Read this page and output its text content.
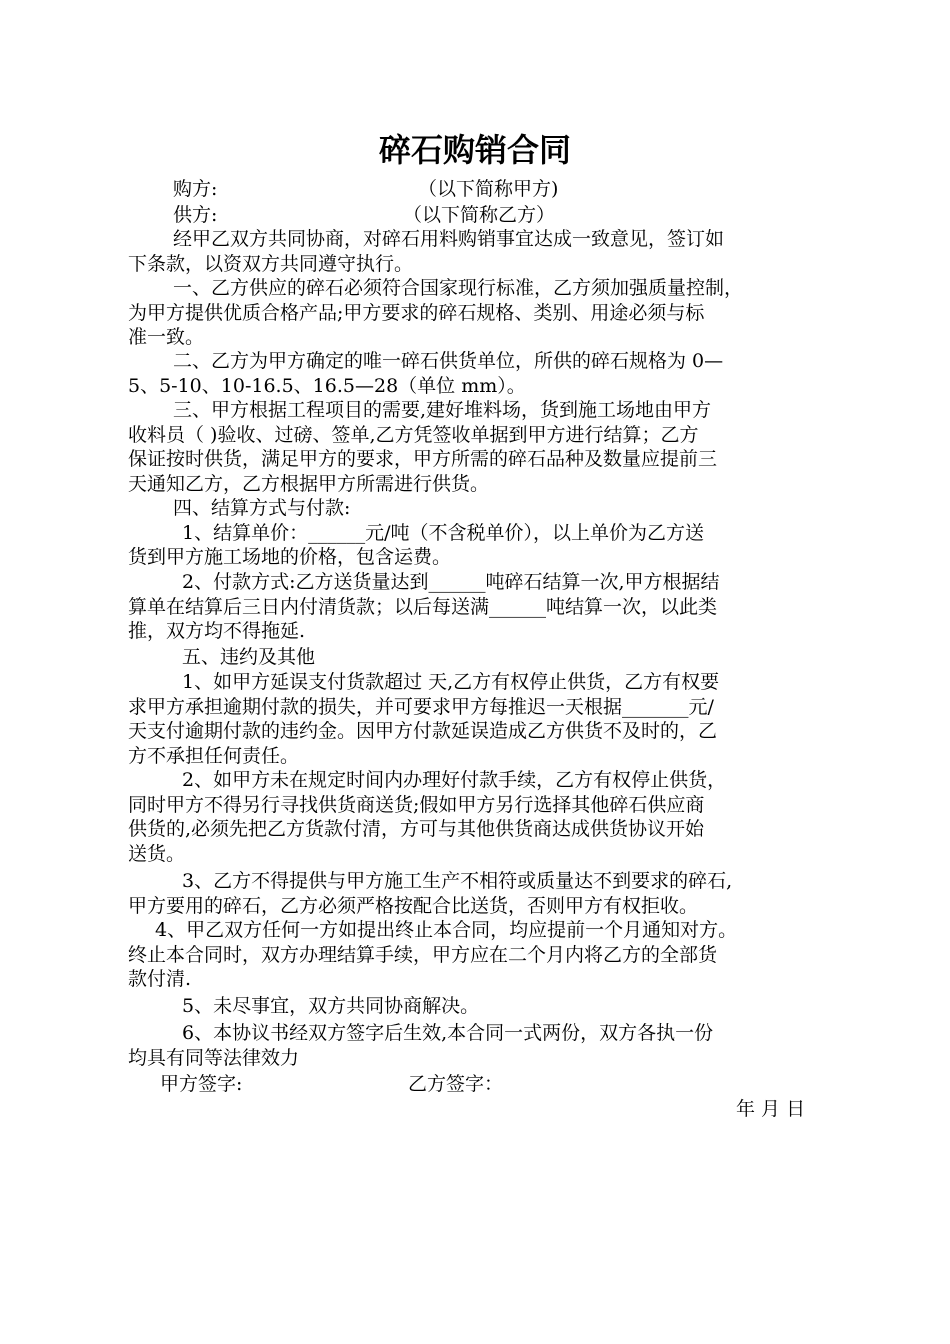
碎石购销合同
购方:	（以下简称甲方)
供方:	（以下简称乙方）
经甲乙双方共同协商，对碎石用料购销事宜达成一致意见，签订如
下条款，以资双方共同遵守执行。
一、乙方供应的碎石必须符合国家现行标准，乙方须加强质量控制，
为甲方提供优质合格产品;甲方要求的碎石规格、类别、用途必须与标
准一致。
二、乙方为甲方确定的唯一碎石供货单位，所供的碎石规格为 0—
5、5-10、10-16.5、16.5—28（单位 mm）。
三、甲方根据工程项目的需要,建好堆料场，货到施工场地由甲方
收料员（ )验收、过磅、签单,乙方凭签收单据到甲方进行结算；乙方
保证按时供货，满足甲方的要求，甲方所需的碎石品种及数量应提前三
天通知乙方，乙方根据甲方所需进行供货。
四、结算方式与付款:
1、结算单价：______元/吨（不含税单价），以上单价为乙方送
货到甲方施工场地的价格，包含运费。
2、付款方式:乙方送货量达到______吨碎石结算一次,甲方根据结
算单在结算后三日内付清货款；以后每送满______吨结算一次，以此类
推，双方均不得拖延.
五、违约及其他
1、如甲方延误支付货款超过 天,乙方有权停止供货，乙方有权要
求甲方承担逾期付款的损失，并可要求甲方每推迟一天根据_______元/
天支付逾期付款的违约金。因甲方付款延误造成乙方供货不及时的，乙
方不承担任何责任。
2、如甲方未在规定时间内办理好付款手续，乙方有权停止供货，
同时甲方不得另行寻找供货商送货;假如甲方另行选择其他碎石供应商
供货的,必须先把乙方货款付清，方可与其他供货商达成供货协议开始
送货。
3、乙方不得提供与甲方施工生产不相符或质量达不到要求的碎石,
甲方要用的碎石，乙方必须严格按配合比送货，否则甲方有权拒收。
4、甲乙双方任何一方如提出终止本合同，均应提前一个月通知对方。
终止本合同时，双方办理结算手续，甲方应在二个月内将乙方的全部货
款付清.
5、未尽事宜，双方共同协商解决。
6、本协议书经双方签字后生效,本合同一式两份，双方各执一份
均具有同等法律效力
甲方签字:	乙方签字：
年 月 日
